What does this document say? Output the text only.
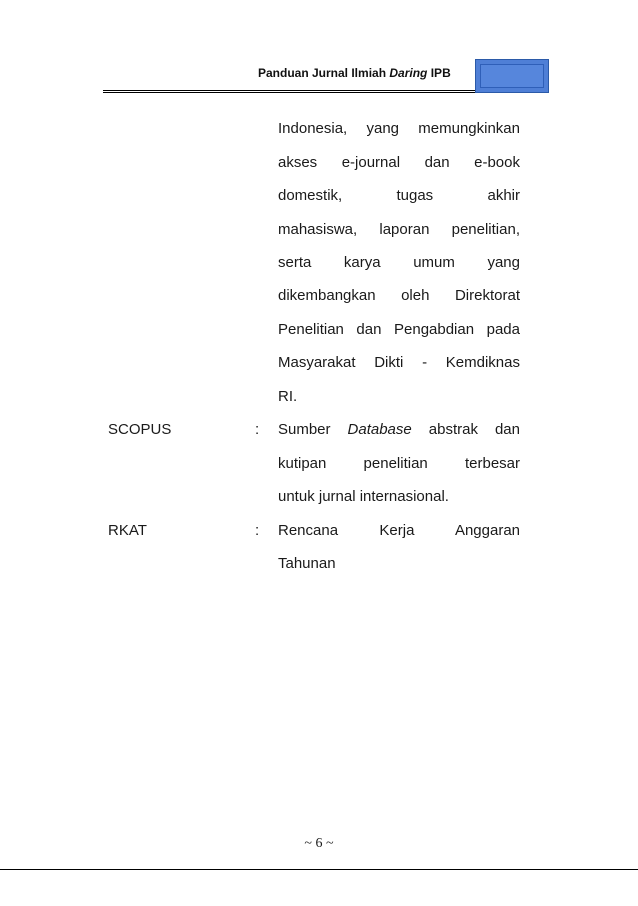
Panduan Jurnal Ilmiah Daring IPB
Indonesia, yang memungkinkan
akses e-journal dan e-book
domestik, tugas akhir
mahasiswa, laporan penelitian,
serta karya umum yang
dikembangkan oleh Direktorat
Penelitian dan Pengabdian pada
Masyarakat Dikti - Kemdiknas
RI.
SCOPUS	: Sumber Database abstrak dan
kutipan penelitian terbesar
untuk jurnal internasional.
RKAT	: Rencana Kerja Anggaran
Tahunan
~ 6 ~
